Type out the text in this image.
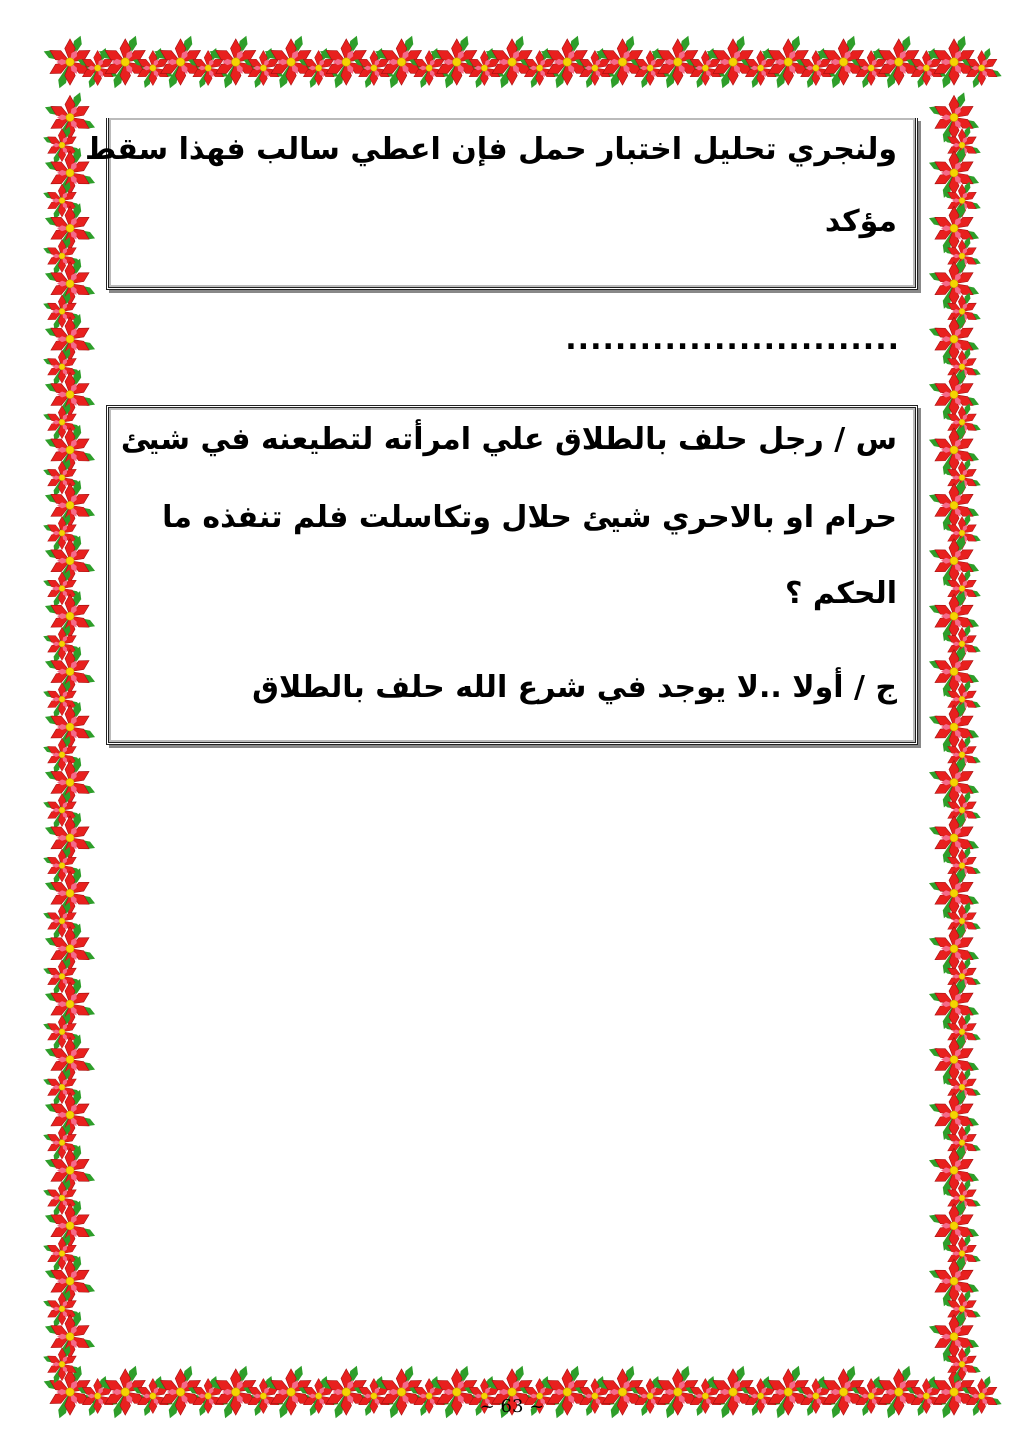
ولنجري تحليل اختبار حمل فإن اعطي سالب فهذا سقط
مؤكد
...........................
س / رجل حلف بالطلاق علي امرأته لتطيعنه في شيئ
حرام او بالاحري شيئ حلال وتكاسلت فلم تنفذه ما
الحكم ؟
ج / أولا ..لا يوجد في شرع الله حلف بالطلاق
~ 63 ~
